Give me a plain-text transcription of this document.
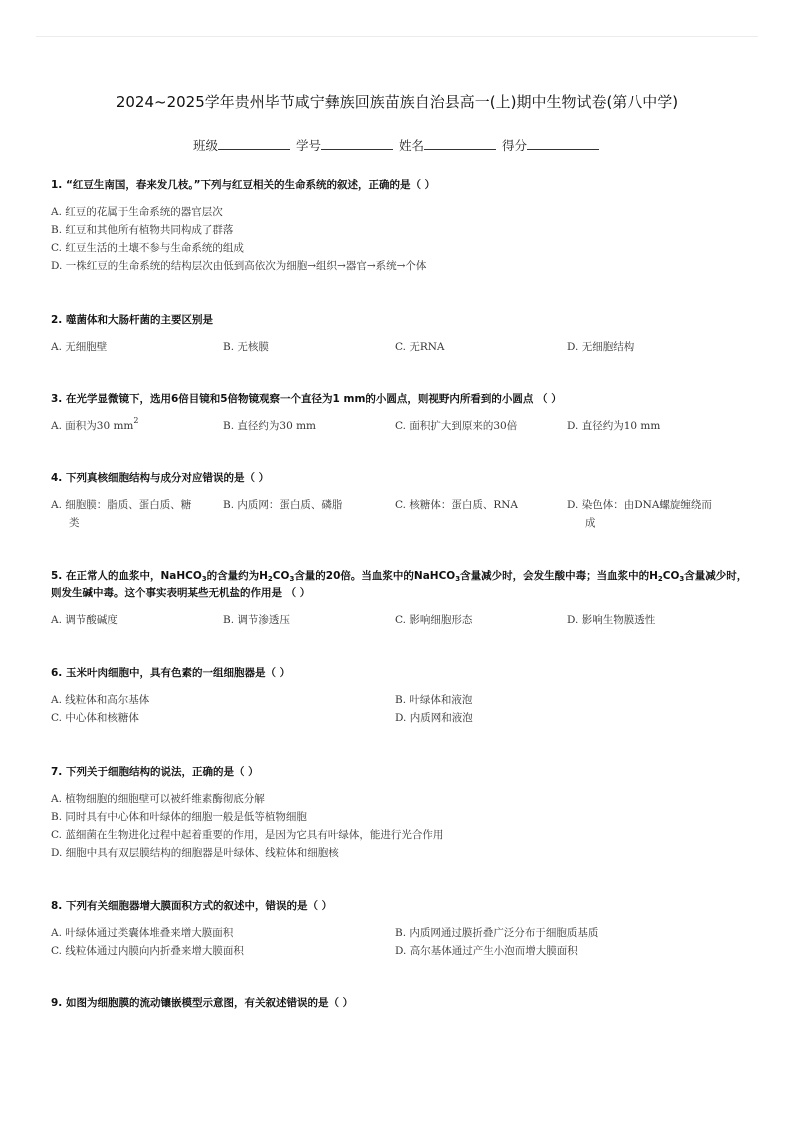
2024~2025学年贵州毕节咸宁彝族回族苗族自治县高一(上)期中生物试卷(第八中学)
班级	学号	姓名	得分

1. “红豆生南国，春来发几枝。”下列与红豆相关的生命系统的叙述，正确的是（ ）

A. 红豆的花属于生命系统的器官层次
B. 红豆和其他所有植物共同构成了群落
C. 红豆生活的土壤不参与生命系统的组成
D. 一株红豆的生命系统的结构层次由低到高依次为细胞→组织→器官→系统→个体

2. 噬菌体和大肠杆菌的主要区别是

A. 无细胞壁	B. 无核膜	C. 无RNA	D. 无细胞结构

3. 在光学显微镜下，选用6倍目镜和5倍物镜观察一个直径为1 mm的小圆点，则视野内所看到的小圆点 （ ）

A. 面积为30 $mm^2$	B. 直径约为30 mm	C. 面积扩大到原来的30倍	D. 直径约为10 mm

4. 下列真核细胞结构与成分对应错误的是（ ）

A. 细胞膜：脂质、蛋白质、糖
类
B. 内质网：蛋白质、磷脂	C. 核糖体：蛋白质、RNA	D. 染色体：由DNA螺旋缠绕而
成

5. 在正常人的血浆中，NaHCO$_3$的含量约为$H_2CO_3$含量的20倍。当血浆中的NaHCO$_3$含量减少时，会发生酸中毒；当血浆中的$H_2CO_3$含量减少时，则发生碱中毒。这个事实表明某些无机盐的作用是 （ ）

A. 调节酸碱度	B. 调节渗透压	C. 影响细胞形态	D. 影响生物膜透性

6. 玉米叶肉细胞中，具有色素的一组细胞器是（ ）

A. 线粒体和高尔基体	B. 叶绿体和液泡
C. 中心体和核糖体	D. 内质网和液泡

7. 下列关于细胞结构的说法，正确的是（ ）

A. 植物细胞的细胞壁可以被纤维素酶彻底分解
B. 同时具有中心体和叶绿体的细胞一般是低等植物细胞
C. 蓝细菌在生物进化过程中起着重要的作用，是因为它具有叶绿体，能进行光合作用
D. 细胞中具有双层膜结构的细胞器是叶绿体、线粒体和细胞核

8. 下列有关细胞器增大膜面积方式的叙述中，错误的是（ ）

A. 叶绿体通过类囊体堆叠来增大膜面积	B. 内质网通过膜折叠广泛分布于细胞质基质
C. 线粒体通过内膜向内折叠来增大膜面积	D. 高尔基体通过产生小泡而增大膜面积

9. 如图为细胞膜的流动镶嵌模型示意图，有关叙述错误的是（ ）
